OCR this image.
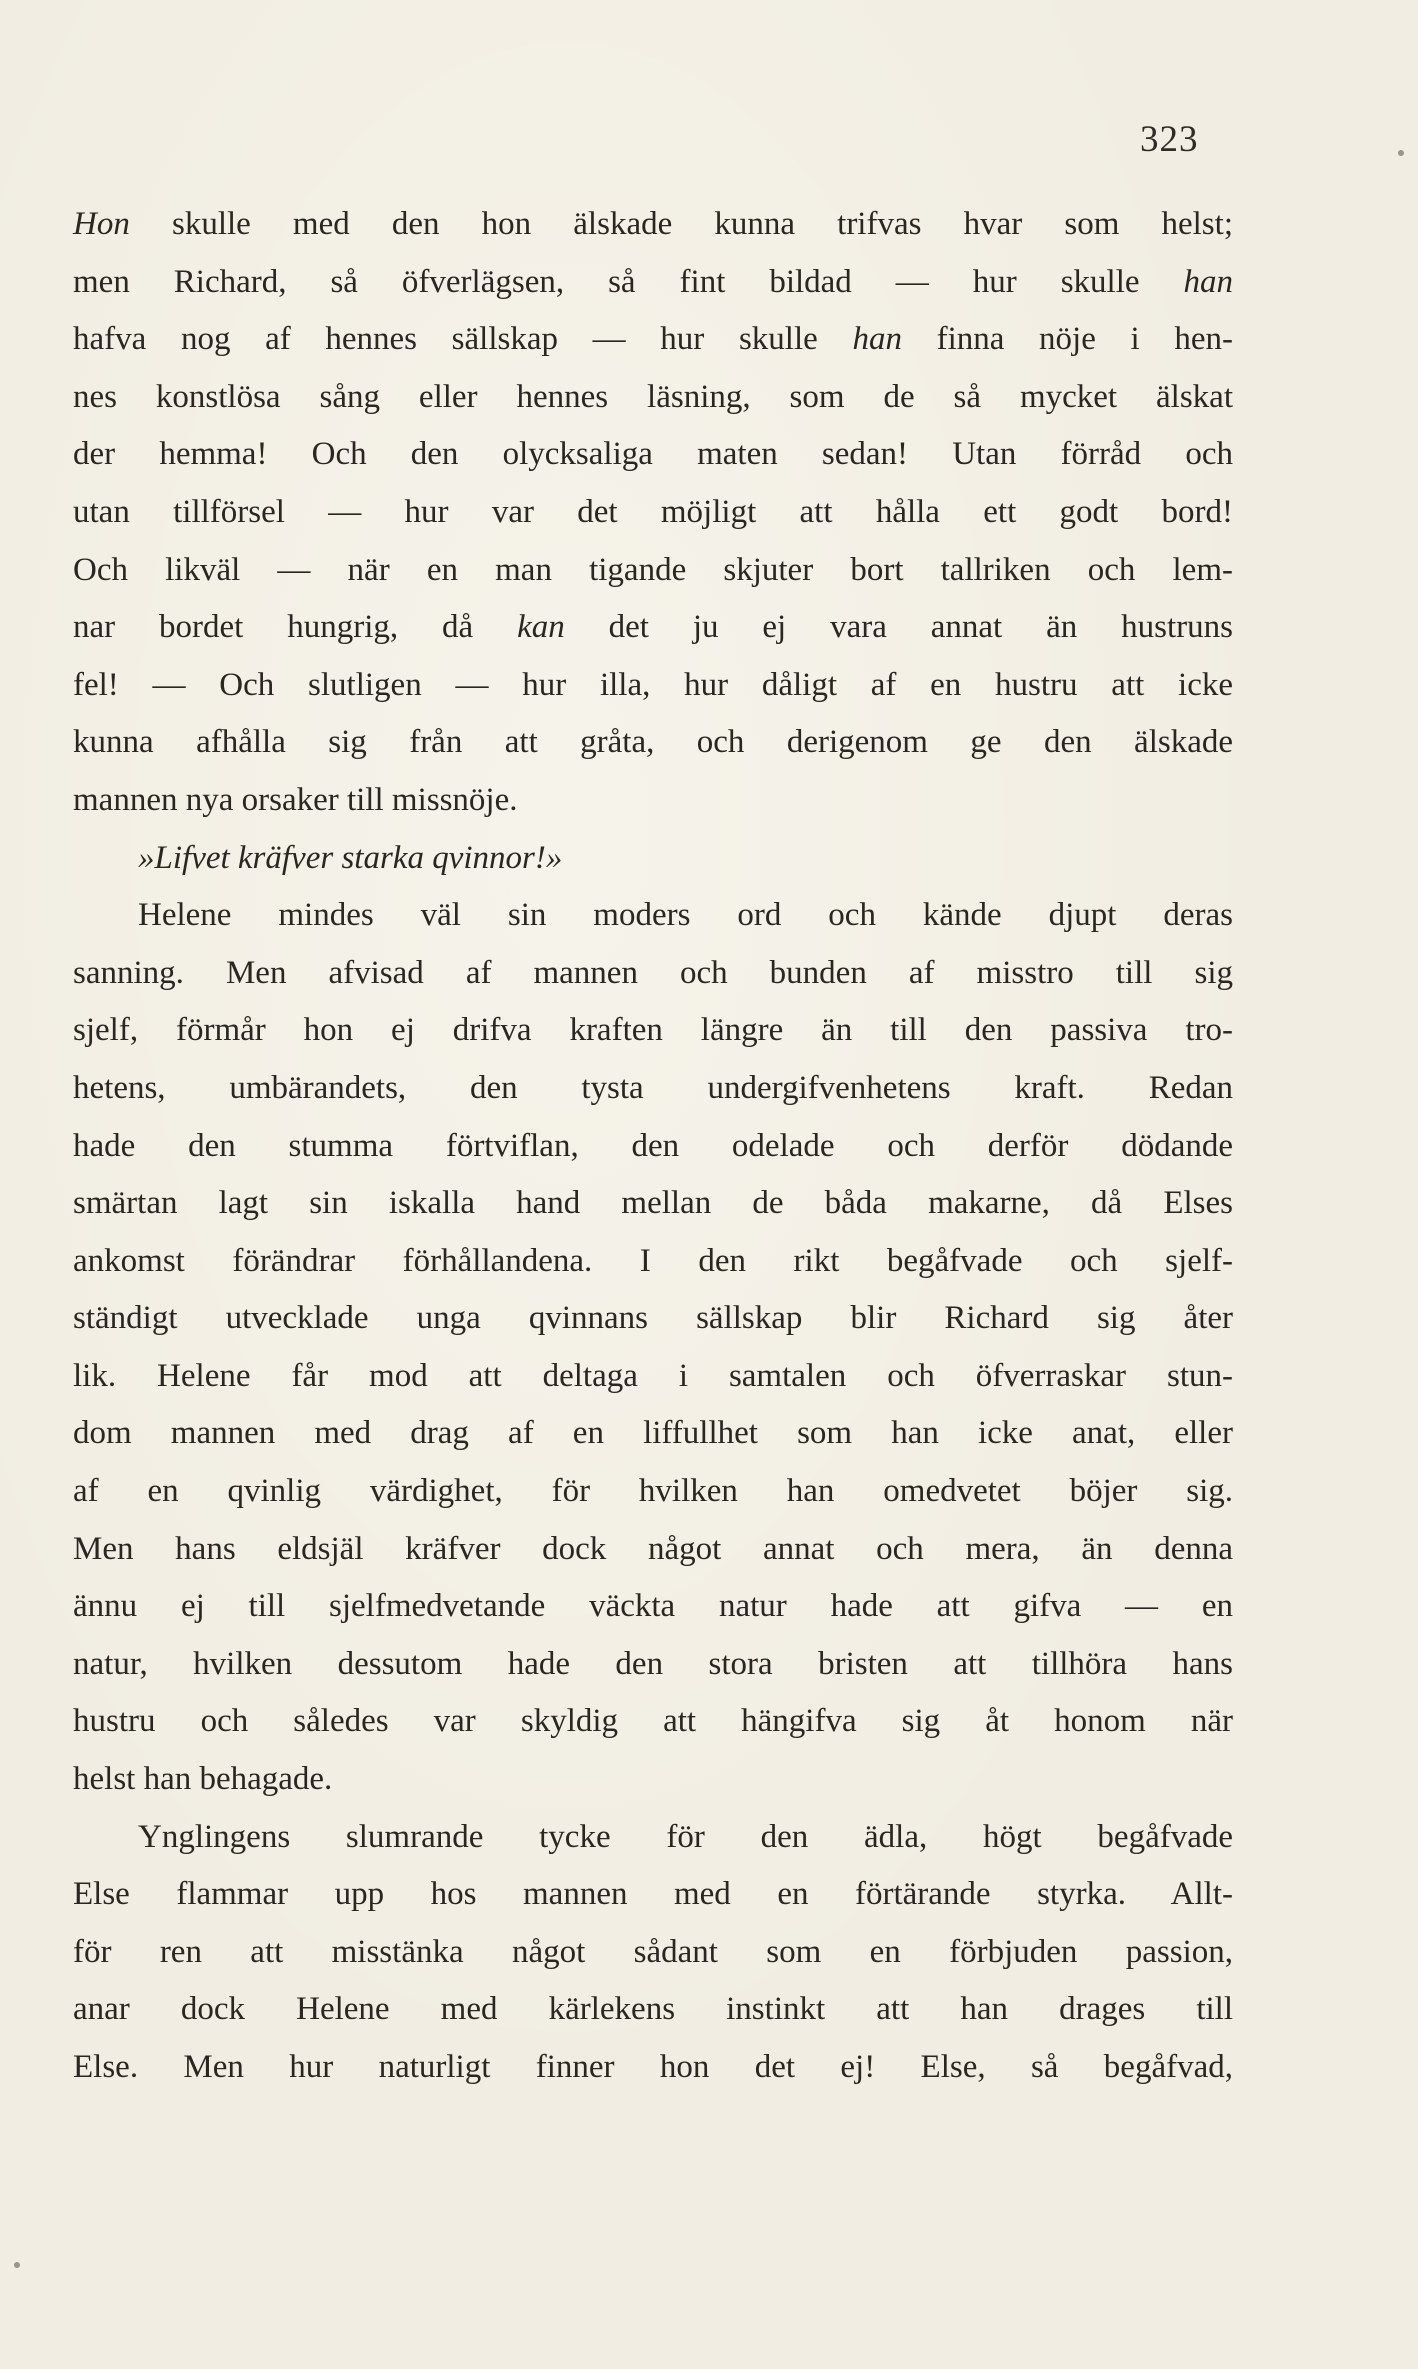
323
Hon skulle med den hon älskade kunna trifvas hvar som helst;
men Richard, så öfverlägsen, så fint bildad — hur skulle han
hafva nog af hennes sällskap — hur skulle han finna nöje i hen-
nes konstlösa sång eller hennes läsning, som de så mycket älskat
der hemma! Och den olycksaliga maten sedan! Utan förråd och
utan tillförsel — hur var det möjligt att hålla ett godt bord!
Och likväl — när en man tigande skjuter bort tallriken och lem-
nar bordet hungrig, då kan det ju ej vara annat än hustruns
fel! — Och slutligen — hur illa, hur dåligt af en hustru att icke
kunna afhålla sig från att gråta, och derigenom ge den älskade
mannen nya orsaker till missnöje.
»Lifvet kräfver starka qvinnor!»
Helene mindes väl sin moders ord och kände djupt deras
sanning. Men afvisad af mannen och bunden af misstro till sig
sjelf, förmår hon ej drifva kraften längre än till den passiva tro-
hetens, umbärandets, den tysta undergifvenhetens kraft. Redan
hade den stumma förtviflan, den odelade och derför dödande
smärtan lagt sin iskalla hand mellan de båda makarne, då Elses
ankomst förändrar förhållandena. I den rikt begåfvade och sjelf-
ständigt utvecklade unga qvinnans sällskap blir Richard sig åter
lik. Helene får mod att deltaga i samtalen och öfverraskar stun-
dom mannen med drag af en liffullhet som han icke anat, eller
af en qvinlig värdighet, för hvilken han omedvetet böjer sig.
Men hans eldsjäl kräfver dock något annat och mera, än denna
ännu ej till sjelfmedvetande väckta natur hade att gifva — en
natur, hvilken dessutom hade den stora bristen att tillhöra hans
hustru och således var skyldig att hängifva sig åt honom när
helst han behagade.
Ynglingens slumrande tycke för den ädla, högt begåfvade
Else flammar upp hos mannen med en förtärande styrka. Allt-
för ren att misstänka något sådant som en förbjuden passion,
anar dock Helene med kärlekens instinkt att han drages till
Else. Men hur naturligt finner hon det ej! Else, så begåfvad,
